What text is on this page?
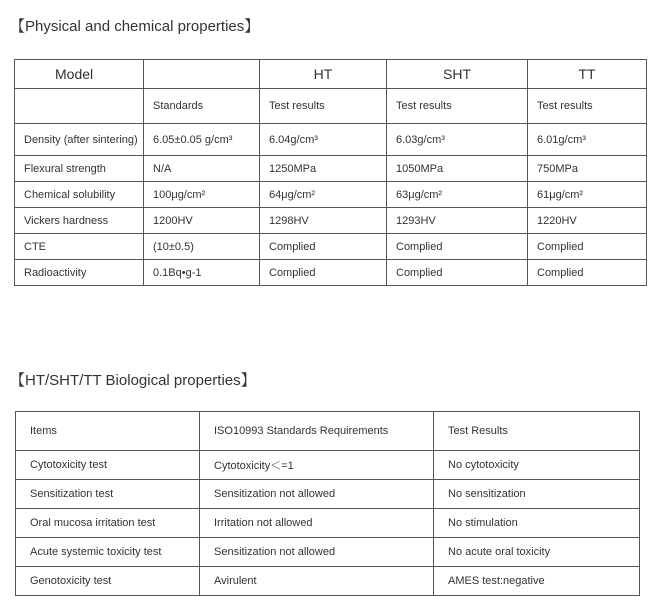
【Physical and chemical properties】
Model		HT	SHT	TT
	Standards	Test results	Test results	Test results
Density (after sintering)	6.05±0.05 g/cm³	6.04g/cm³	6.03g/cm³	6.01g/cm³
Flexural strength	N/A	1250MPa	1050MPa	750MPa
Chemical solubility	100μg/cm²	64μg/cm²	63μg/cm²	61μg/cm²
Vickers hardness	1200HV	1298HV	1293HV	1220HV
CTE	(10±0.5)	Complied	Complied	Complied
Radioactivity	0.1Bq•g-1	Complied	Complied	Complied
【HT/SHT/TT Biological properties】
Items	ISO10993 Standards Requirements	Test Results
Cytotoxicity test	Cytotoxicity＜=1	No cytotoxicity
Sensitization test	Sensitization not allowed	No sensitization
Oral mucosa irritation test	Irritation not allowed	No stimulation
Acute systemic toxicity test	Sensitization not allowed	No acute oral toxicity
Genotoxicity test	Avirulent	AMES test:negative
